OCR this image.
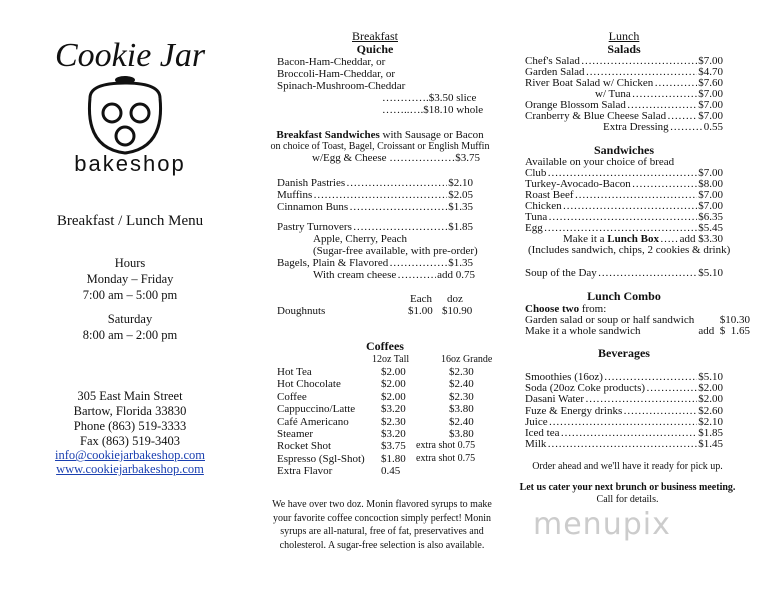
Cookie Jar
bakeshop
Breakfast / Lunch Menu
Hours
Monday – Friday
7:00 am – 5:00 pm
Saturday
8:00 am – 2:00 pm
305 East Main Street
Bartow, Florida 33830
Phone (863) 519-3333
Fax (863) 519-3403
info@cookiejarbakeshop.com
www.cookiejarbakeshop.com
Breakfast
Quiche
Bacon-Ham-Cheddar, or
Broccoli-Ham-Cheddar, or
Spinach-Mushroom-Cheddar
………….$3.50 slice
……..….$18.10 whole
Breakfast Sandwiches with Sausage or Bacon
on choice of Toast, Bagel, Croissant or English Muffin
w/Egg & Cheese ………………$3.75
Danish Pastries …………………………………………………………………………………………………………	$2.10
Muffins …………………………………………………………………………………………………………	$2.05
Cinnamon Buns …………………………………………………………………………………………………………	$1.35
Pastry Turnovers …………………………………………………………………………………………………………	$1.85
Apple, Cherry, Peach
(Sugar-free available, with pre-order)
Bagels, Plain & Flavored …………………………………………………………………………………………………………	$1.35
With cream cheese …………………………………………………………………………………………………………	add 0.75
Each doz
Doughnuts	$1.00 $10.90
Coffees
12oz Tall	16oz Grande
Hot Tea	$2.00	$2.30
Hot Chocolate	$2.00	$2.40
Coffee	$2.00	$2.30
Cappuccino/Latte $3.20	$3.80
Café Americano	$2.30	$2.40
Steamer	$3.20	$3.80
Rocket Shot	$3.75 extra shot 0.75
Espresso (Sgl-Shot) $1.80 extra shot 0.75
Extra Flavor	0.45
We have over two doz. Monin flavored syrups to make
your favorite coffee concoction simply perfect! Monin
syrups are all-natural, free of fat, preservatives and
cholesterol. A sugar-free selection is also available.
Lunch
Salads
Chef's Salad …………………………………………………………………………………………………………	$7.00
Garden Salad …………………………………………………………………………………………………………	$4.70
River Boat Salad w/ Chicken …………………………………………………………………………………………………………	$7.60
w/ Tuna …………………………………………………………………………………………………………	$7.00
Orange Blossom Salad …………………………………………………………………………………………………………	$7.00
Cranberry & Blue Cheese Salad …………………………………………………………………………………………………………	$7.00
Extra Dressing …………………………………………………………………………………………………………	0.55
Sandwiches
Available on your choice of bread
Club …………………………………………………………………………………………………………	$7.00
Turkey-Avocado-Bacon …………………………………………………………………………………………………………	$8.00
Roast Beef …………………………………………………………………………………………………………	$7.00
Chicken …………………………………………………………………………………………………………	$7.00
Tuna …………………………………………………………………………………………………………	$6.35
Egg …………………………………………………………………………………………………………	$5.45
Make it a Lunch Box ………………………………………………………………………………………………………… add $3.30
(Includes sandwich, chips, 2 cookies & drink)
Soup of the Day …………………………………………………………………………………………………………	$5.10
Lunch Combo
Choose two from:
Garden salad or soup or half sandwich $10.30
Make it a whole sandwich	add  $  1.65
Beverages
Smoothies (16oz) …………………………………………………………………………………………………………	$5.10
Soda (20oz Coke products) …………………………………………………………………………………………………………	$2.00
Dasani Water …………………………………………………………………………………………………………	$2.00
Fuze & Energy drinks …………………………………………………………………………………………………………	$2.60
Juice …………………………………………………………………………………………………………	$2.10
Iced tea …………………………………………………………………………………………………………	$1.85
Milk …………………………………………………………………………………………………………	$1.45
Order ahead and we'll have it ready for pick up.
Let us cater your next brunch or business meeting.
Call for details.
menupix
